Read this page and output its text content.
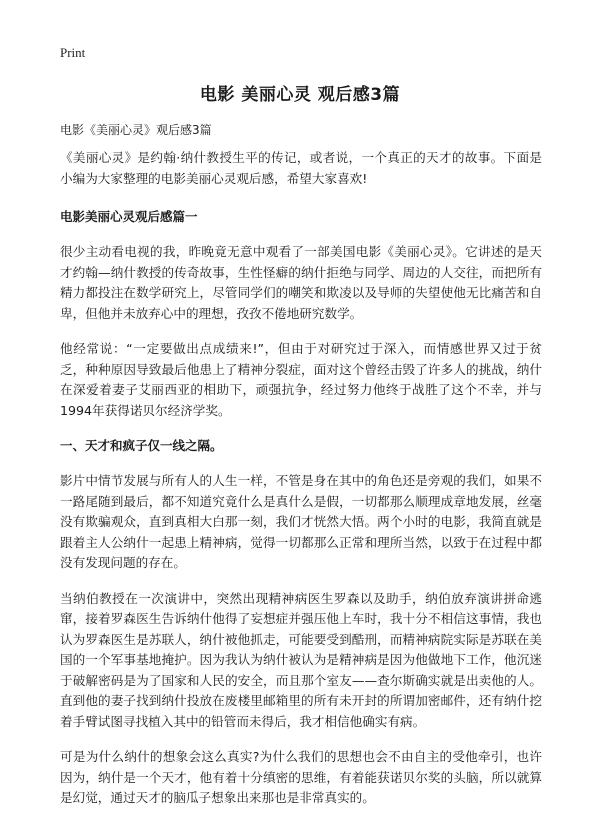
Print
电影 美丽心灵 观后感3篇
电影《美丽心灵》观后感3篇

《美丽心灵》是约翰·纳什教授生平的传记，或者说，一个真正的天才的故事。下面是小编为大家整理的电影美丽心灵观后感，希望大家喜欢!

电影美丽心灵观后感篇一

很少主动看电视的我，昨晚竟无意中观看了一部美国电影《美丽心灵》。它讲述的是天才约翰—纳什教授的传奇故事，生性怪癖的纳什拒绝与同学、周边的人交往，而把所有精力都投注在数学研究上，尽管同学们的嘲笑和欺凌以及导师的失望使他无比痛苦和自卑，但他并未放弃心中的理想，孜孜不倦地研究数学。

他经常说：“一定要做出点成绩来!”，但由于对研究过于深入，而情感世界又过于贫乏，种种原因导致最后他患上了精神分裂症，面对这个曾经击毁了许多人的挑战，纳什在深爱着妻子艾丽西亚的相助下，顽强抗争，经过努力他终于战胜了这个不幸，并与1994年获得诺贝尔经济学奖。

一、天才和疯子仅一线之隔。

影片中情节发展与所有人的人生一样，不管是身在其中的角色还是旁观的我们，如果不一路尾随到最后，都不知道究竟什么是真什么是假，一切都那么顺理成章地发展，丝毫没有欺骗观众，直到真相大白那一刻，我们才恍然大悟。两个小时的电影，我简直就是跟着主人公纳什一起患上精神病，觉得一切都那么正常和理所当然，以致于在过程中都没有发现问题的存在。

当纳伯教授在一次演讲中，突然出现精神病医生罗森以及助手，纳伯放弃演讲拼命逃窜，接着罗森医生告诉纳什他得了妄想症并强压他上车时，我十分不相信这事情，我也认为罗森医生是苏联人，纳什被他抓走，可能要受到酷刑，而精神病院实际是苏联在美国的一个军事基地掩护。因为我认为纳什被认为是精神病是因为他做地下工作，他沉迷于破解密码是为了国家和人民的安全，而且那个室友——查尔斯确实就是出卖他的人。直到他的妻子找到纳什投放在废楼里邮箱里的所有未开封的所谓加密邮件，还有纳什挖着手臂试图寻找植入其中的铅管而未得后，我才相信他确实有病。

可是为什么纳什的想象会这么真实?为什么我们的思想也会不由自主的受他牵引，也许因为，纳什是一个天才，他有着十分缜密的思维，有着能获诺贝尔奖的头脑，所以就算是幻觉，通过天才的脑瓜子想象出来那也是非常真实的。
